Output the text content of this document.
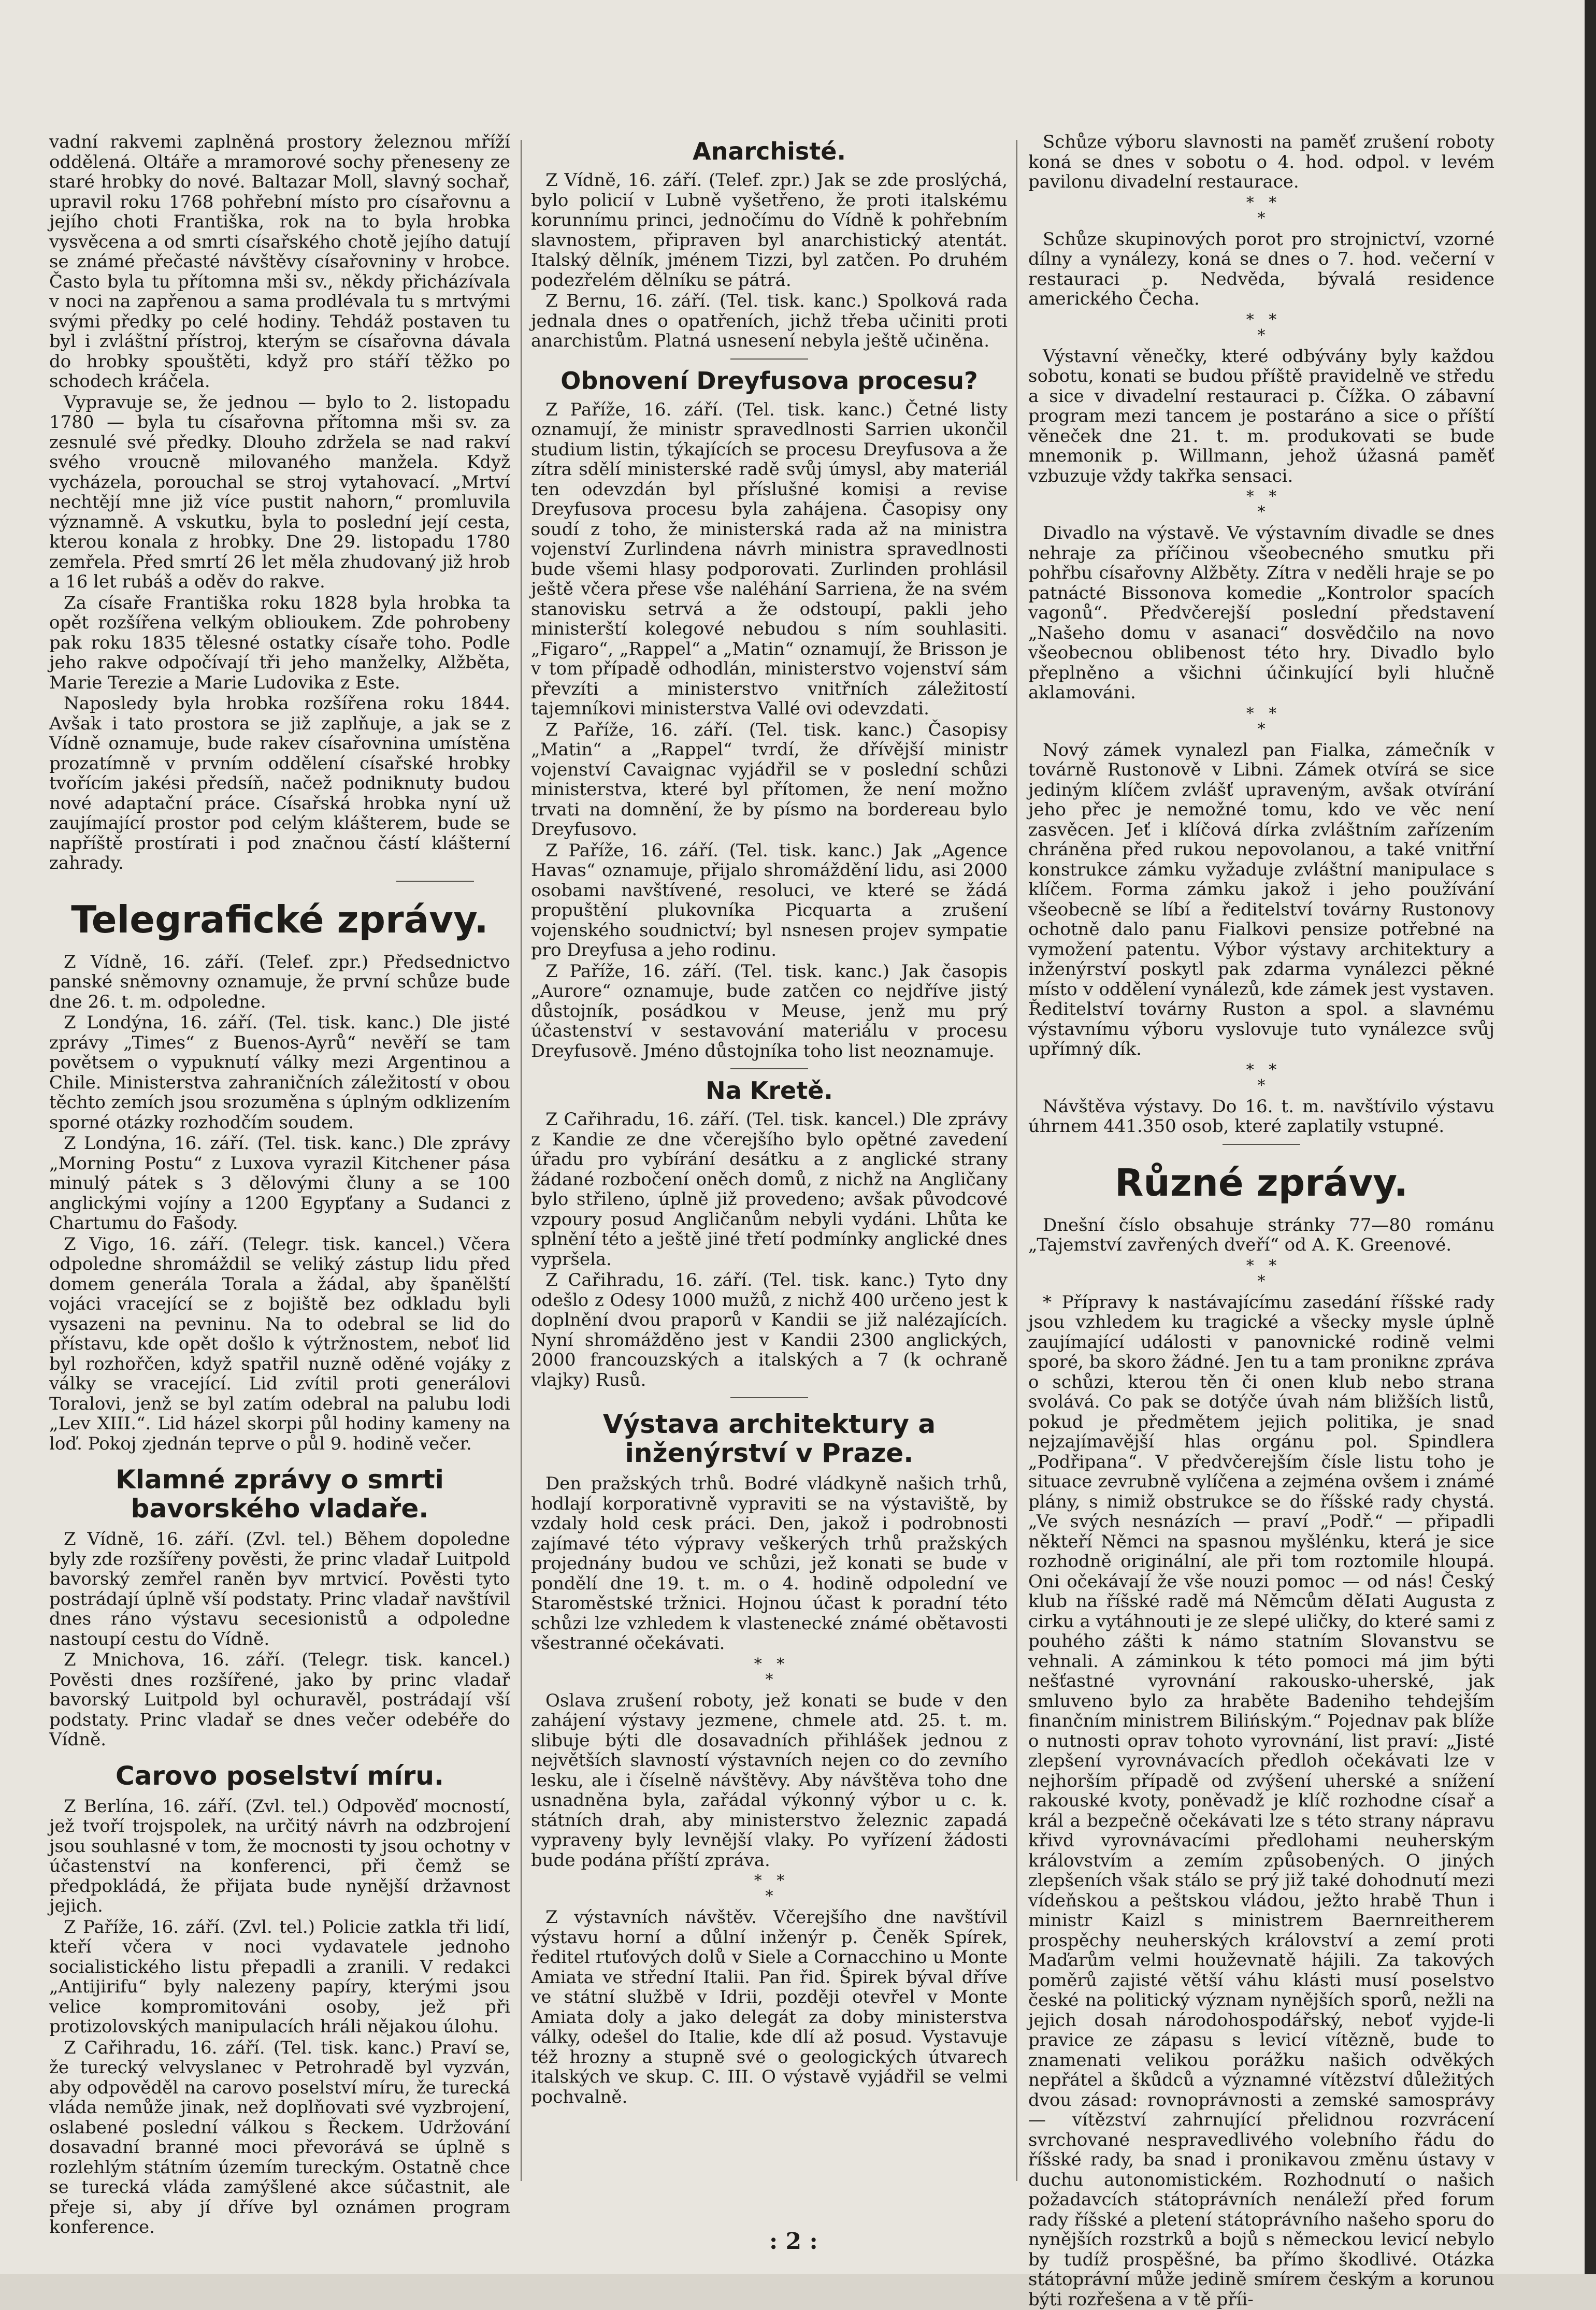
vadní rakvemi zaplněná prostory železnou mříží oddělená. Oltáře a mramorové sochy přeneseny ze staré hrobky do nové. Baltazar Moll, slavný sochař, upravil roku 1768 pohřební místo pro císařovnu a jejího choti Františka, rok na to byla hrobka vysvěcena a od smrti císařského chotě jejího datují se známé přečasté návštěvy císařovniny v hrobce. Často byla tu přítomna mši sv., někdy přicházívala v noci na zapřenou a sama prodlévala tu s mrtvými svými předky po celé hodiny. Tehdáž postaven tu byl i zvláštní přístroj, kterým se císařovna dávala do hrobky spouštěti, když pro stáří těžko po schodech kráčela.

Vypravuje se, že jednou — bylo to 2. listopadu 1780 — byla tu císařovna přítomna mši sv. za zesnulé své předky. Dlouho zdržela se nad rakví svého vroucně milovaného manžela. Když vycházela, porouchal se stroj vytahovací. „Mrtví nechtějí mne již více pustit nahorn,“ promluvila významně. A vskutku, byla to poslední její cesta, kterou konala z hrobky. Dne 29. listopadu 1780 zemřela. Před smrtí 26 let měla zhudovaný již hrob a 16 let rubáš a oděv do rakve.

Za císaře Františka roku 1828 byla hrobka ta opět rozšířena velkým oblioukem. Zde pohrobeny pak roku 1835 tělesné ostatky císaře toho. Podle jeho rakve odpočívají tři jeho manželky, Alžběta, Marie Terezie a Marie Ludovika z Este.

Naposledy byla hrobka rozšířena roku 1844. Avšak i tato prostora se již zaplňuje, a jak se z Vídně oznamuje, bude rakev císařovnina umístěna prozatímně v prvním oddělení císařské hrobky tvořícím jakési předsíň, načež podniknuty budou nové adaptační práce. Císařská hrobka nyní už zaujímající prostor pod celým klášterem, bude se napříště prostírati i pod značnou částí klášterní zahrady.

Telegrafické zprávy.

Z Vídně, 16. září. (Telef. zpr.) Předsednictvo panské sněmovny oznamuje, že první schůze bude dne 26. t. m. odpoledne.

Z Londýna, 16. září. (Tel. tisk. kanc.) Dle jisté zprávy „Times“ z Buenos-Ayrů“ nevěří se tam povětsem o vypuknutí války mezi Argentinou a Chile. Ministerstva zahraničních záležitostí v obou těchto zemích jsou srozuměna s úplným odklizením sporné otázky rozhodčím soudem.

Z Londýna, 16. září. (Tel. tisk. kanc.) Dle zprávy „Morning Postu“ z Luxova vyrazil Kitchener pása minulý pátek s 3 dělovými čluny a se 100 anglickými vojíny a 1200 Egypťany a Sudanci z Chartumu do Fašody.

Z Vigo, 16. září. (Telegr. tisk. kancel.) Včera odpoledne shromáždil se veliký zástup lidu před domem generála Torala a žádal, aby španělští vojáci vracející se z bojiště bez odkladu byli vysazeni na pevninu. Na to odebral se lid do přístavu, kde opět došlo k výtržnostem, neboť lid byl rozhořčen, když spatřil nuzně oděné vojáky z války se vracející. Lid zvítil proti generálovi Toralovi, jenž se byl zatím odebral na palubu lodi „Lev XIII.“. Lid házel skorpi půl hodiny kameny na loď. Pokoj zjednán teprve o půl 9. hodině večer.

Klamné zprávy o smrti bavorského vladaře.

Z Vídně, 16. září. (Zvl. tel.) Během dopoledne byly zde rozšířeny pověsti, že princ vladař Luitpold bavorský zemřel raněn byv mrtvicí. Pověsti tyto postrádají úplně vší podstaty. Princ vladař navštívil dnes ráno výstavu secesionistů a odpoledne nastoupí cestu do Vídně.

Z Mnichova, 16. září. (Telegr. tisk. kancel.) Pověsti dnes rozšířené, jako by princ vladař bavorský Luitpold byl ochuravěl, postrádají vší podstaty. Princ vladař se dnes večer odebéře do Vídně.

Carovo poselství míru.

Z Berlína, 16. září. (Zvl. tel.) Odpověď mocností, jež tvoří trojspolek, na určitý návrh na odzbrojení jsou souhlasné v tom, že mocnosti ty jsou ochotny v účastenství na konferenci, při čemž se předpokládá, že přijata bude nynější državnost jejich.

Z Paříže, 16. září. (Zvl. tel.) Policie zatkla tři lidí, kteří včera v noci vydavatele jednoho socialistického listu přepadli a zranili. V redakci „Antijirifu“ byly nalezeny papíry, kterými jsou velice kompromitováni osoby, jež při protizolovských manipulacích hráli nějakou úlohu.

Z Cařihradu, 16. září. (Tel. tisk. kanc.) Praví se, že turecký velvyslanec v Petrohradě byl vyzván, aby odpověděl na carovo poselství míru, že turecká vláda nemůže jinak, než doplňovati své vyzbrojení, oslabené poslední válkou s Řeckem. Udržování dosavadní branné moci převorává se úplně s rozlehlým státním územím tureckým. Ostatně chce se turecká vláda zamýšlené akce súčastnit, ale přeje si, aby jí dříve byl oznámen program konference.

Anarchisté.

Z Vídně, 16. září. (Telef. zpr.) Jak se zde proslýchá, bylo policií v Lubně vyšetřeno, že proti italskému korunnímu princi, jednočímu do Vídně k pohřebním slavnostem, připraven byl anarchistický atentát. Italský dělník, jménem Tizzi, byl zatčen. Po druhém podezřelém dělníku se pátrá.

Z Bernu, 16. září. (Tel. tisk. kanc.) Spolková rada jednala dnes o opatřeních, jichž třeba učiniti proti anarchistům. Platná usnesení nebyla ještě učiněna.

Obnovení Dreyfusova procesu?

Z Paříže, 16. září. (Tel. tisk. kanc.) Četné listy oznamují, že ministr spravedlnosti Sarrien ukončil studium listin, týkajících se procesu Dreyfusova a že zítra sdělí ministerské radě svůj úmysl, aby materiál ten odevzdán byl příslušné komisi a revise Dreyfusova procesu byla zahájena. Časopisy ony soudí z toho, že ministerská rada až na ministra vojenství Zurlindena návrh ministra spravedlnosti bude všemi hlasy podporovati. Zurlinden prohlásil ještě včera přese vše naléhání Sarriena, že na svém stanovisku setrvá a že odstoupí, pakli jeho ministerští kolegové nebudou s ním souhlasiti. „Figaro“, „Rappel“ a „Matin“ oznamují, že Brisson je v tom případě odhodlán, ministerstvo vojenství sám převzíti a ministerstvo vnitřních záležitostí tajemníkovi ministerstva Vallé ovi odevzdati.

Z Paříže, 16. září. (Tel. tisk. kanc.) Časopisy „Matin“ a „Rappel“ tvrdí, že dřívější ministr vojenství Cavaignac vyjádřil se v poslední schůzi ministerstva, které byl přítomen, že není možno trvati na domnění, že by písmo na bordereau bylo Dreyfusovo.

Z Paříže, 16. září. (Tel. tisk. kanc.) Jak „Agence Havas“ oznamuje, přijalo shromáždění lidu, asi 2000 osobami navštívené, resoluci, ve které se žádá propuštění plukovníka Picquarta a zrušení vojenského soudnictví; byl nsnesen projev sympatie pro Dreyfusa a jeho rodinu.

Z Paříže, 16. září. (Tel. tisk. kanc.) Jak časopis „Aurore“ oznamuje, bude zatčen co nejdříve jistý důstojník, posádkou v Meuse, jenž mu prý účastenství v sestavování materiálu v procesu Dreyfusově. Jméno důstojníka toho list neoznamuje.

Na Kretě.

Z Cařihradu, 16. září. (Tel. tisk. kancel.) Dle zprávy z Kandie ze dne včerejšího bylo opětné zavedení úřadu pro vybírání desátku a z anglické strany žádané rozbočení oněch domů, z nichž na Angličany bylo střileno, úplně již provedeno; avšak původcové vzpoury posud Angličanům nebyli vydáni. Lhůta ke splnění této a ještě jiné třetí podmínky anglické dnes vypršela.

Z Cařihradu, 16. září. (Tel. tisk. kanc.) Tyto dny odešlo z Odesy 1000 mužů, z nichž 400 určeno jest k doplnění dvou praporů v Kandii se již nalézajících. Nyní shromážděno jest v Kandii 2300 anglických, 2000 francouzských a italských a 7 (k ochraně vlajky) Rusů.

Výstava architektury a inženýrství v Praze.

Den pražských trhů. Bodré vládkyně našich trhů, hodlají korporativně vypraviti se na výstaviště, by vzdaly hold cesk práci. Den, jakož i podrobnosti zajímavé této výpravy veškerých trhů pražských projednány budou ve schůzi, jež konati se bude v pondělí dne 19. t. m. o 4. hodině odpolední ve Staroměstské tržnici. Hojnou účast k poradní této schůzi lze vzhledem k vlastenecké známé obětavosti všestranné očekávati.

*   *
*

Oslava zrušení roboty, jež konati se bude v den zahájení výstavy jezmene, chmele atd. 25. t. m. slibuje býti dle dosavadních přihlášek jednou z největších slavností výstavních nejen co do zevního lesku, ale i číselně návštěvy. Aby návštěva toho dne usnadněna byla, zařádal výkonný výbor u c. k. státních drah, aby ministerstvo železnic zapadá vypraveny byly levnější vlaky. Po vyřízení žádosti bude podána příští zpráva.

*   *
*

Z výstavních návštěv. Včerejšího dne navštívil výstavu horní a důlní inženýr p. Čeněk Spírek, ředitel rtuťových dolů v Siele a Cornacchino u Monte Amiata ve střední Italii. Pan řid. Špirek býval dříve ve státní službě v Idrii, později otevřel v Monte Amiata doly a jako delegát za doby ministerstva války, odešel do Italie, kde dlí až posud. Vystavuje též hrozny a stupně své o geologických útvarech italských ve skup. C. III. O výstavě vyjádřil se velmi pochvalně.

Schůze výboru slavnosti na paměť zrušení roboty koná se dnes v sobotu o 4. hod. odpol. v levém pavilonu divadelní restaurace.

*   *
*

Schůze skupinových porot pro strojnictví, vzorné dílny a vynálezy, koná se dnes o 7. hod. večerní v restauraci p. Nedvěda, bývalá residence amerického Čecha.

*   *
*

Výstavní věnečky, které odbývány byly každou sobotu, konati se budou příště pravidelně ve středu a sice v divadelní restauraci p. Čížka. O zábavní program mezi tancem je postaráno a sice o příští věneček dne 21. t. m. produkovati se bude mnemonik p. Willmann, jehož úžasná paměť vzbuzuje vždy takřka sensaci.

*   *
*

Divadlo na výstavě. Ve výstavním divadle se dnes nehraje za příčinou všeobecného smutku při pohřbu císařovny Alžběty. Zítra v neděli hraje se po patnácté Bissonova komedie „Kontrolor spacích vagonů“. Předvčerejší poslední představení „Našeho domu v asanaci“ dosvědčilo na novo všeobecnou oblibenost této hry. Divadlo bylo přeplněno a všichni účinkující byli hlučně aklamováni.

*   *
*

Nový zámek vynalezl pan Fialka, zámečník v továrně Rustonově v Libni. Zámek otvírá se sice jediným klíčem zvlášť upraveným, avšak otvírání jeho přec je nemožné tomu, kdo ve věc není zasvěcen. Jeť i klíčová dírka zvláštním zařízením chráněna před rukou nepovolanou, a také vnitřní konstrukce zámku vyžaduje zvláštní manipulace s klíčem. Forma zámku jakož i jeho používání všeobecně se líbí a ředitelství továrny Rustonovy ochotně dalo panu Fialkovi pensize potřebné na vymožení patentu. Výbor výstavy architektury a inženýrství poskytl pak zdarma vynálezci pěkné místo v oddělení vynálezů, kde zámek jest vystaven. Ředitelství továrny Ruston a spol. a slavnému výstavnímu výboru vyslovuje tuto vynálezce svůj upřímný dík.

*   *
*

Návštěva výstavy. Do 16. t. m. navštívilo výstavu úhrnem 441.350 osob, které zaplatily vstupné.

Různé zprávy.

Dnešní číslo obsahuje stránky 77—80 románu „Tajemství zavřených dveří“ od A. K. Greenové.

*   *
*

* Přípravy k nastávajícímu zasedání říšské rady jsou vzhledem ku tragické a všecky mysle úplně zaujímající události v panovnické rodině velmi sporé, ba skoro žádné. Jen tu a tam proniknε zpráva o schůzi, kterou těn či onen klub nebo strana svolává. Co pak se dotýče úvah nám bližších listů, pokud je předmětem jejich politika, je snad nejzajímavější hlas orgánu pol. Spindlera „Podřipana“. V předvčerejším čísle listu toho je situace zevrubně vylíčena a zejména ovšem i známé plány, s nimiž obstrukce se do říšské rady chystá. „Ve svých nesnázích — praví „Podř.“ — připadli někteří Němci na spasnou myšlénku, která je sice rozhodně originální, ale při tom roztomile hloupá. Oni očekávají že vše nouzi pomoc — od nás! Český klub na říšské radě má Němcům děIati Augusta z cirku a vytáhnouti je ze slepé uličky, do které sami z pouhého zášti k námo statním Slovanstvu se vehnali. A záminkou k této pomoci má jim býti nešťastné vyrovnání rakousko-uherské, jak smluveno bylo za hraběte Badeniho tehdejším finančním ministrem Bilińským.“ Pojednav pak blíže o nutnosti oprav tohoto vyrovnání, list praví: „Jisté zlepšení vyrovnávacích předloh očekávati lze v nejhorším případě od zvýšení uherské a snížení rakouské kvoty, poněvadž je klíč rozhodne císař a král a bezpečně očekávati lze s této strany nápravu křivd vyrovnávacími předlohami neuherským královstvím a zemím způsobených. O jiných zlepšeních však stálo se prý již také dohodnutí mezi vídeňskou a peštskou vládou, ježto hrabě Thun i ministr Kaizl s ministrem Baernreitherem prospěchy neuherských království a zemí proti Maďarům velmi houževnatě hájili. Za takových poměrů zajisté větší váhu klásti musí poselstvo české na politický význam nynějších sporů, nežli na jejich dosah národohospodářský, neboť vyjde-li pravice ze zápasu s levicí vítězně, bude to znamenati velikou porážku našich odvěkých nepřátel a škůdců a významné vítězství důležitých dvou zásad: rovnoprávnosti a zemské samosprávy — vítězství zahrnující přelidnou rozvrácení svrchované nespravedlivého volebního řádu do říšské rady, ba snad i pronikavou změnu ústavy v duchu autonomistickém. Rozhodnutí o našich požadavcích státoprávních nenáleží před forum rady říšské a pletení státoprávního našeho sporu do nynějších rozstrků a bojů s německou levicí nebylo by tudíž prospěšné, ba přímo škodlivé. Otázka státoprávní může jedině smírem českým a korunou býti rozřešena a v tě příi-

: 2 :
